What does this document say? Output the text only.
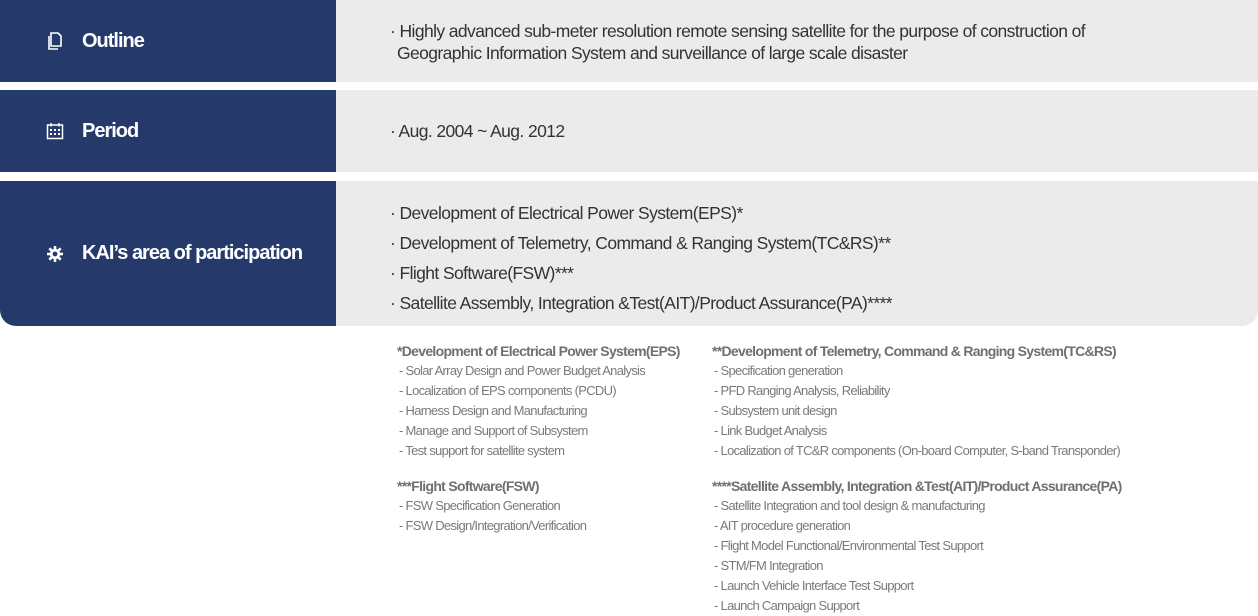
Outline	· Highly advanced sub-meter resolution remote sensing satellite for the purpose of construction of
Geographic Information System and surveillance of large scale disaster
Period	· Aug. 2004 ~ Aug. 2012
KAI’s area of participation
· Development of Electrical Power System(EPS)*
· Development of Telemetry, Command & Ranging System(TC&RS)**
· Flight Software(FSW)***
· Satellite Assembly, Integration &Test(AIT)/Product Assurance(PA)****
*Development of Electrical Power System(EPS)
- Solar Array Design and Power Budget Analysis
- Localization of EPS components (PCDU)
- Harness Design and Manufacturing
- Manage and Support of Subsystem
- Test support for satellite system
**Development of Telemetry, Command & Ranging System(TC&RS)
- Specification generation
- PFD Ranging Analysis, Reliability
- Subsystem unit design
- Link Budget Analysis
- Localization of TC&R components (On-board Computer, S-band Transponder)
***Flight Software(FSW)
- FSW Specification Generation
- FSW Design/Integration/Verification
****Satellite Assembly, Integration &Test(AIT)/Product Assurance(PA)
- Satellite Integration and tool design & manufacturing
- AIT procedure generation
- Flight Model Functional/Environmental Test Support
- STM/FM Integration
- Launch Vehicle Interface Test Support
- Launch Campaign Support
